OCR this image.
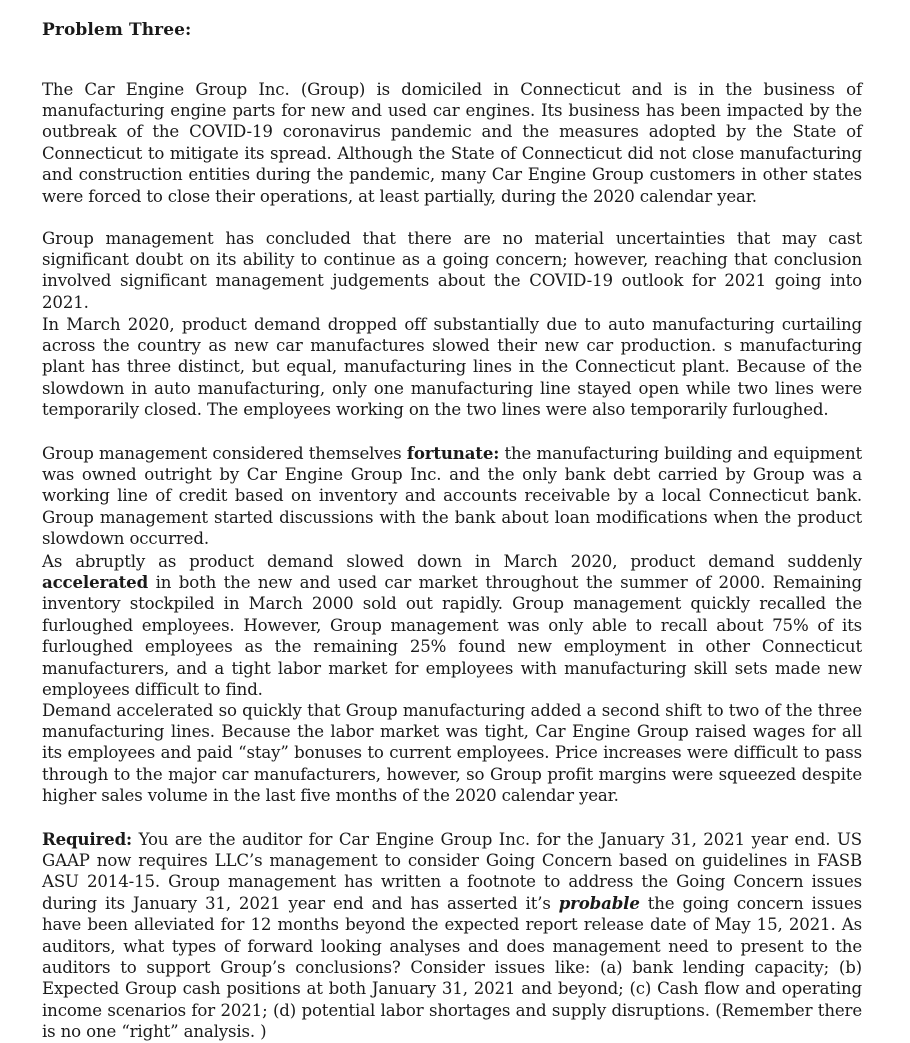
Problem Three:

The Car Engine Group Inc. (Group) is domiciled in Connecticut and is in the business of manufacturing engine parts for new and used car engines. Its business has been impacted by the outbreak of the COVID-19 coronavirus pandemic and the measures adopted by the State of Connecticut to mitigate its spread. Although the State of Connecticut did not close manufacturing and construction entities during the pandemic, many Car Engine Group customers in other states were forced to close their operations, at least partially, during the 2020 calendar year.

Group management has concluded that there are no material uncertainties that may cast significant doubt on its ability to continue as a going concern; however, reaching that conclusion involved significant management judgements about the COVID-19 outlook for 2021 going into 2021.

In March 2020, product demand dropped off substantially due to auto manufacturing curtailing across the country as new car manufactures slowed their new car production. s manufacturing plant has three distinct, but equal, manufacturing lines in the Connecticut plant. Because of the slowdown in auto manufacturing, only one manufacturing line stayed open while two lines were temporarily closed. The employees working on the two lines were also temporarily furloughed.

Group management considered themselves fortunate: the manufacturing building and equipment was owned outright by Car Engine Group Inc. and the only bank debt carried by Group was a working line of credit based on inventory and accounts receivable by a local Connecticut bank. Group management started discussions with the bank about loan modifications when the product slowdown occurred.

As abruptly as product demand slowed down in March 2020, product demand suddenly accelerated in both the new and used car market throughout the summer of 2000. Remaining inventory stockpiled in March 2000 sold out rapidly. Group management quickly recalled the furloughed employees. However, Group management was only able to recall about 75% of its furloughed employees as the remaining 25% found new employment in other Connecticut manufacturers, and a tight labor market for employees with manufacturing skill sets made new employees difficult to find.

Demand accelerated so quickly that Group manufacturing added a second shift to two of the three manufacturing lines. Because the labor market was tight, Car Engine Group raised wages for all its employees and paid “stay” bonuses to current employees. Price increases were difficult to pass through to the major car manufacturers, however, so Group profit margins were squeezed despite higher sales volume in the last five months of the 2020 calendar year.

Required: You are the auditor for Car Engine Group Inc. for the January 31, 2021 year end. US GAAP now requires LLC’s management to consider Going Concern based on guidelines in FASB ASU 2014-15. Group management has written a footnote to address the Going Concern issues during its January 31, 2021 year end and has asserted it’s probable the going concern issues have been alleviated for 12 months beyond the expected report release date of May 15, 2021. As auditors, what types of forward looking analyses and does management need to present to the auditors to support Group’s conclusions? Consider issues like: (a) bank lending capacity; (b) Expected Group cash positions at both January 31, 2021 and beyond; (c) Cash flow and operating income scenarios for 2021; (d) potential labor shortages and supply disruptions. (Remember there is no one “right” analysis. )
